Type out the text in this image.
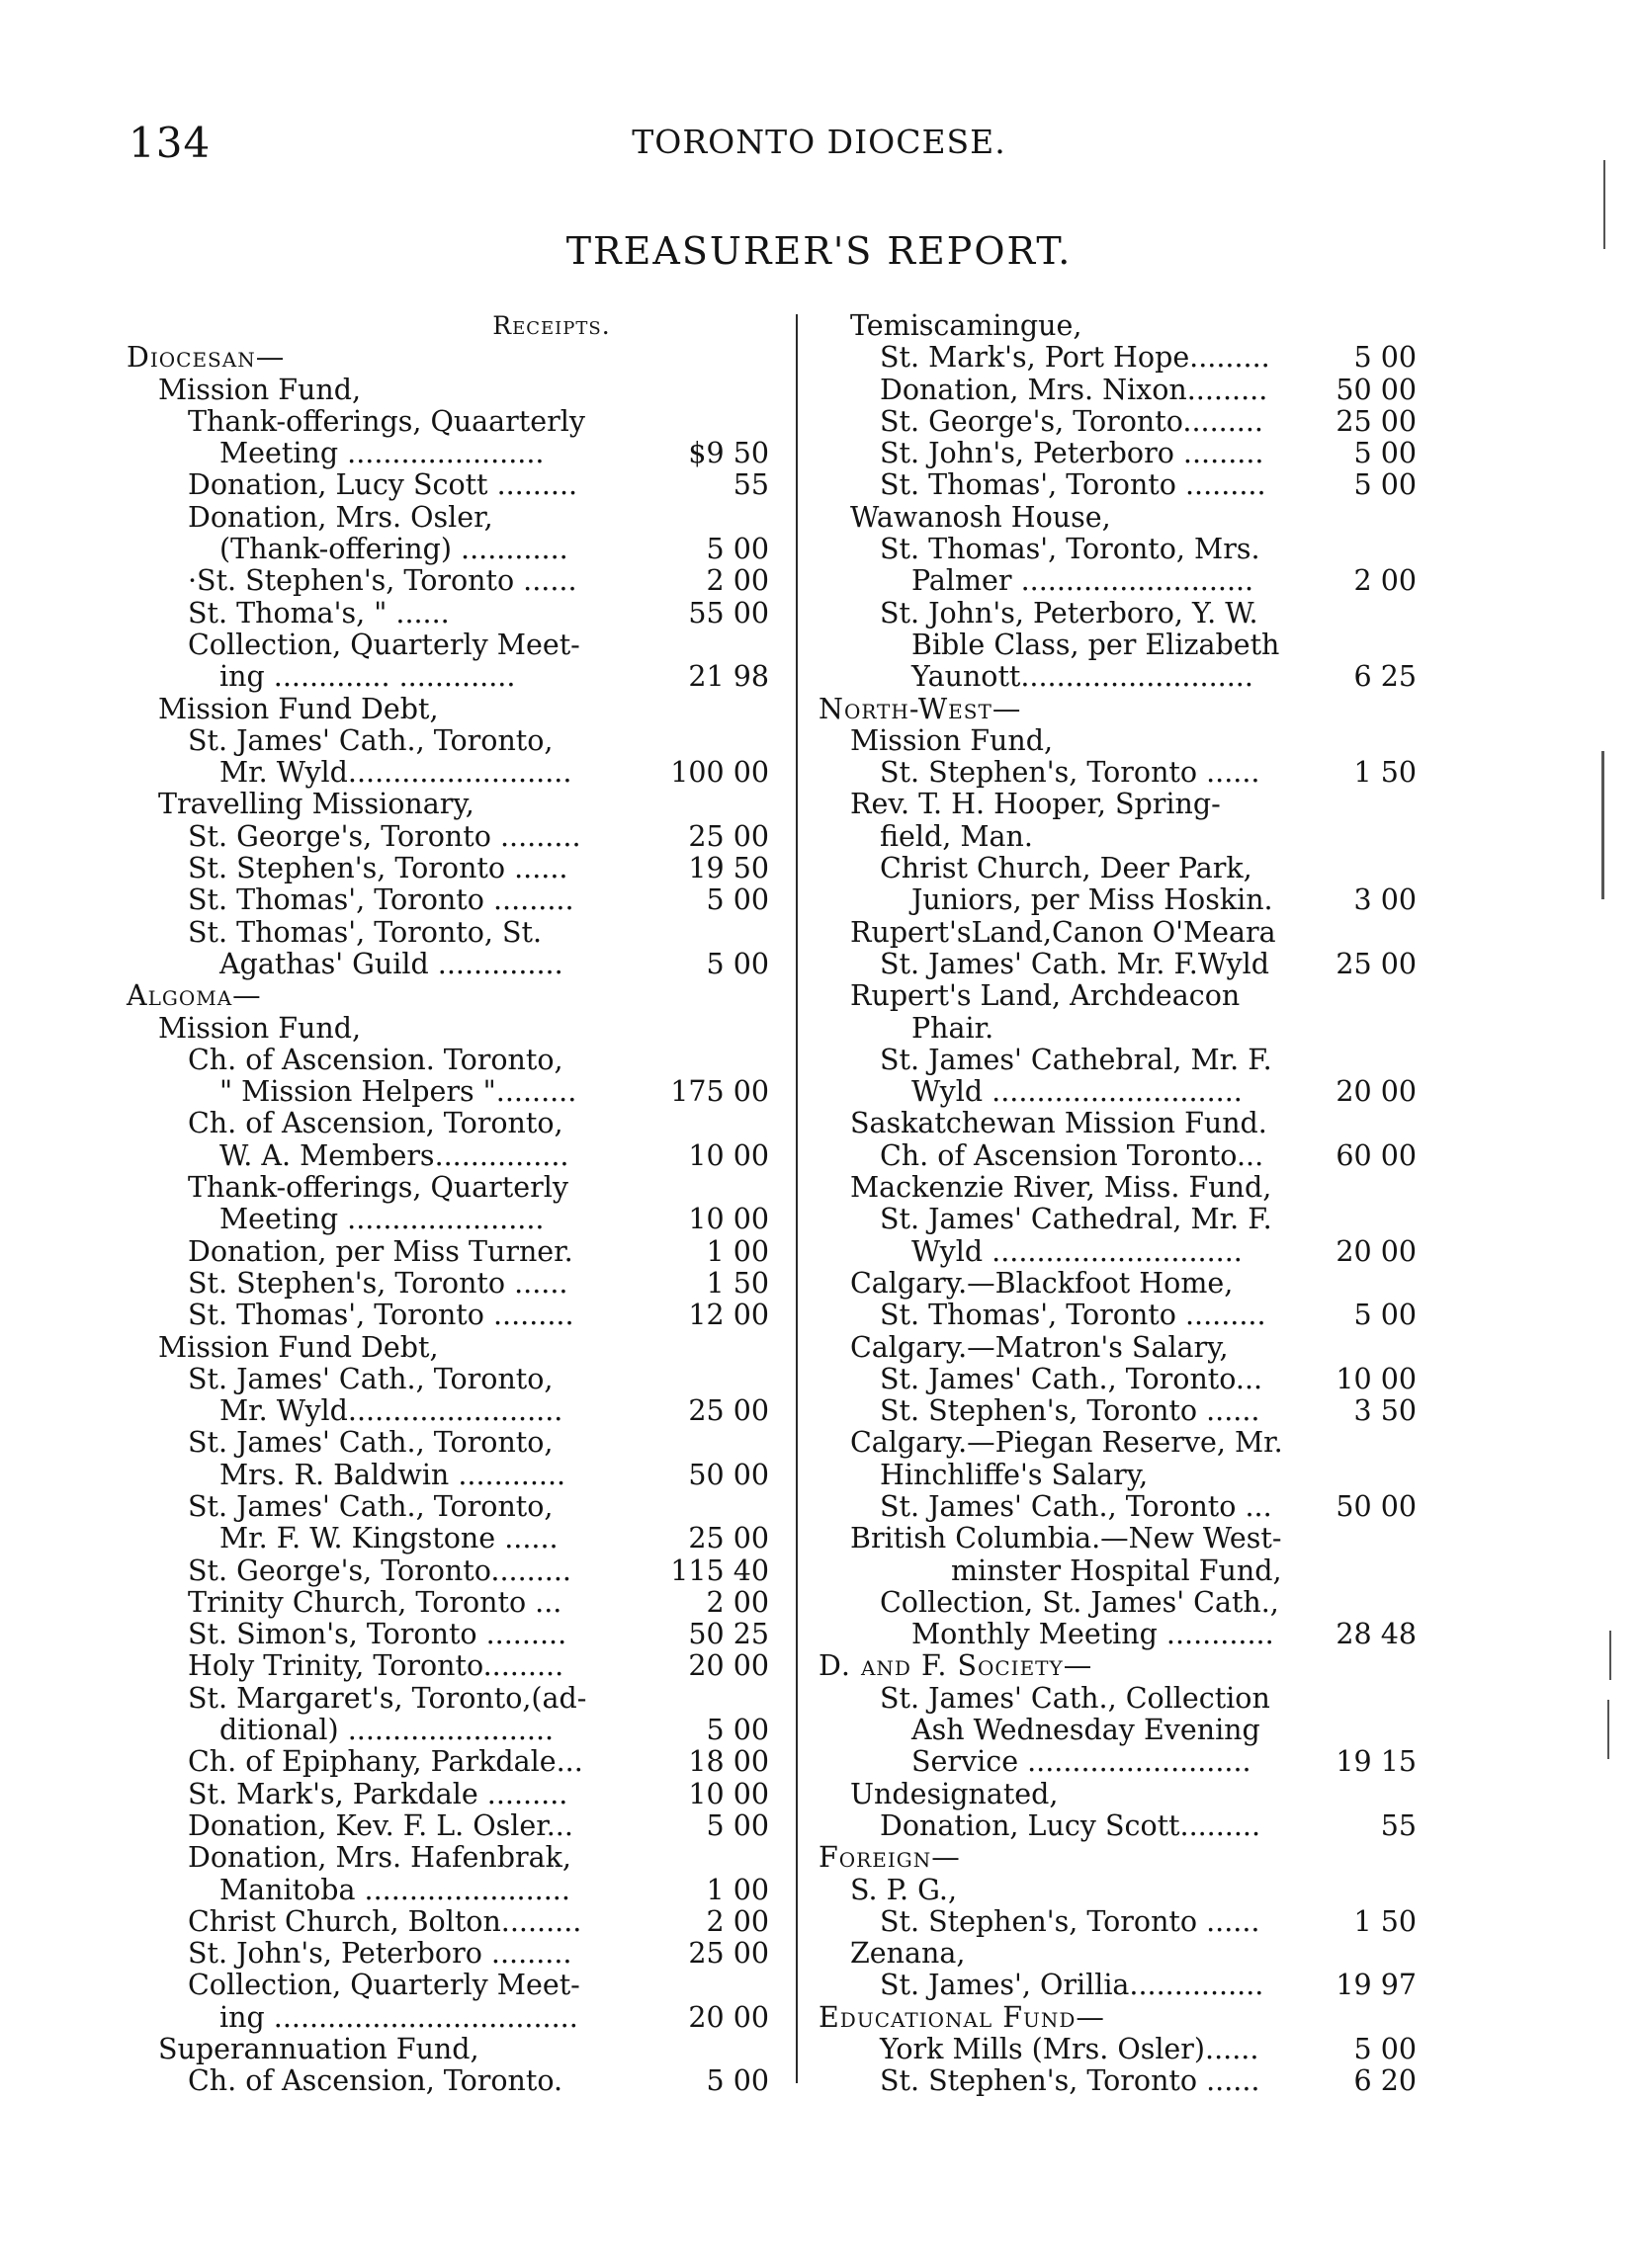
134	TORONTO DIOCESE.
TREASURER'S REPORT.
Receipts.
Diocesan—
Mission Fund,
Thank-offerings, Quaarterly
Meeting ......................	$9 50
Donation, Lucy Scott .........	55
Donation, Mrs. Osler,
(Thank-offering) ............	5 00
·St. Stephen's, Toronto ......	2 00
St. Thoma's, " ......	55 00
Collection, Quarterly Meet-
ing ............. .............	21 98
Mission Fund Debt,
St. James' Cath., Toronto,
Mr. Wyld.........................	100 00
Travelling Missionary,
St. George's, Toronto .........	25 00
St. Stephen's, Toronto ......	19 50
St. Thomas', Toronto .........	5 00
St. Thomas', Toronto, St.
Agathas' Guild ..............	5 00
Algoma—
Mission Fund,
Ch. of Ascension. Toronto,
" Mission Helpers ".........	175 00
Ch. of Ascension, Toronto,
W. A. Members...............	10 00
Thank-offerings, Quarterly
Meeting ......................	10 00
Donation, per Miss Turner.	1 00
St. Stephen's, Toronto ......	1 50
St. Thomas', Toronto .........	12 00
Mission Fund Debt,
St. James' Cath., Toronto,
Mr. Wyld........................	25 00
St. James' Cath., Toronto,
Mrs. R. Baldwin ............	50 00
St. James' Cath., Toronto,
Mr. F. W. Kingstone ......	25 00
St. George's, Toronto.........	115 40
Trinity Church, Toronto ...	2 00
St. Simon's, Toronto .........	50 25
Holy Trinity, Toronto.........	20 00
St. Margaret's, Toronto,(ad-
ditional) .......................	5 00
Ch. of Epiphany, Parkdale...	18 00
St. Mark's, Parkdale .........	10 00
Donation, Kev. F. L. Osler...	5 00
Donation, Mrs. Hafenbrak,
Manitoba .......................	1 00
Christ Church, Bolton.........	2 00
St. John's, Peterboro .........	25 00
Collection, Quarterly Meet-
ing ..................................	20 00
Superannuation Fund,
Ch. of Ascension, Toronto.	5 00
Temiscamingue,
St. Mark's, Port Hope.........	5 00
Donation, Mrs. Nixon......... 50 00
St. George's, Toronto.........	25 00
St. John's, Peterboro .........	5 00
St. Thomas', Toronto .........	5 00
Wawanosh House,
St. Thomas', Toronto, Mrs.
Palmer ..........................	2 00
St. John's, Peterboro, Y. W.
Bible Class, per Elizabeth
Yaunott..........................	6 25
North-West—
Mission Fund,
St. Stephen's, Toronto ......	1 50
Rev. T. H. Hooper, Spring-
field, Man.
Christ Church, Deer Park,
Juniors, per Miss Hoskin.	3 00
Rupert'sLand,Canon O'Meara
St. James' Cath. Mr. F.Wyld 25 00
Rupert's Land, Archdeacon
Phair.
St. James' Cathebral, Mr. F.
Wyld ............................	20 00
Saskatchewan Mission Fund.
Ch. of Ascension Toronto...	60 00
Mackenzie River, Miss. Fund,
St. James' Cathedral, Mr. F.
Wyld ............................	20 00
Calgary.—Blackfoot Home,
St. Thomas', Toronto .........	5 00
Calgary.—Matron's Salary,
St. James' Cath., Toronto...	10 00
St. Stephen's, Toronto ......	3 50
Calgary.—Piegan Reserve, Mr.
Hinchliffe's Salary,
St. James' Cath., Toronto ... 50 00
British Columbia.—New West-
minster Hospital Fund,
Collection, St. James' Cath.,
Monthly Meeting ............ 28 48
D. and F. Society—
St. James' Cath., Collection
Ash Wednesday Evening
Service .........................	19 15
Undesignated,
Donation, Lucy Scott.........	55
Foreign—
S. P. G.,
St. Stephen's, Toronto ......	1 50
Zenana,
St. James', Orillia...............	19 97
Educational Fund—
York Mills (Mrs. Osler)......	5 00
St. Stephen's, Toronto ......	6 20
